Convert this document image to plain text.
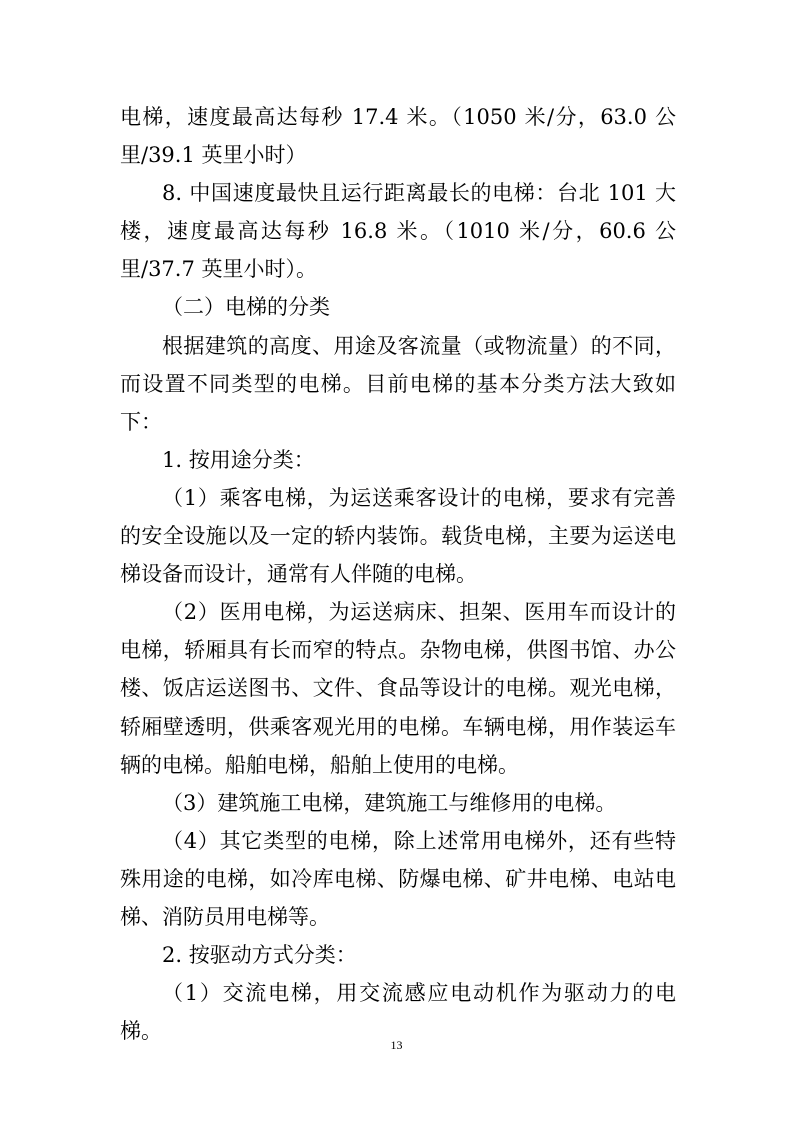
电梯，速度最高达每秒 17.4 米。（1050 米/分，63.0 公里/39.1 英里小时）

8. 中国速度最快且运行距离最长的电梯：台北 101 大楼，速度最高达每秒 16.8 米。（1010 米/分，60.6 公里/37.7 英里小时）。

（二）电梯的分类

根据建筑的高度、用途及客流量（或物流量）的不同，而设置不同类型的电梯。目前电梯的基本分类方法大致如下：

1. 按用途分类：

（1）乘客电梯，为运送乘客设计的电梯，要求有完善的安全设施以及一定的轿内装饰。载货电梯，主要为运送电梯设备而设计，通常有人伴随的电梯。

（2）医用电梯，为运送病床、担架、医用车而设计的电梯，轿厢具有长而窄的特点。杂物电梯，供图书馆、办公楼、饭店运送图书、文件、食品等设计的电梯。观光电梯，轿厢壁透明，供乘客观光用的电梯。车辆电梯，用作装运车辆的电梯。船舶电梯，船舶上使用的电梯。

（3）建筑施工电梯，建筑施工与维修用的电梯。

（4）其它类型的电梯，除上述常用电梯外，还有些特殊用途的电梯，如冷库电梯、防爆电梯、矿井电梯、电站电梯、消防员用电梯等。

2. 按驱动方式分类：

（1）交流电梯，用交流感应电动机作为驱动力的电梯。

13
